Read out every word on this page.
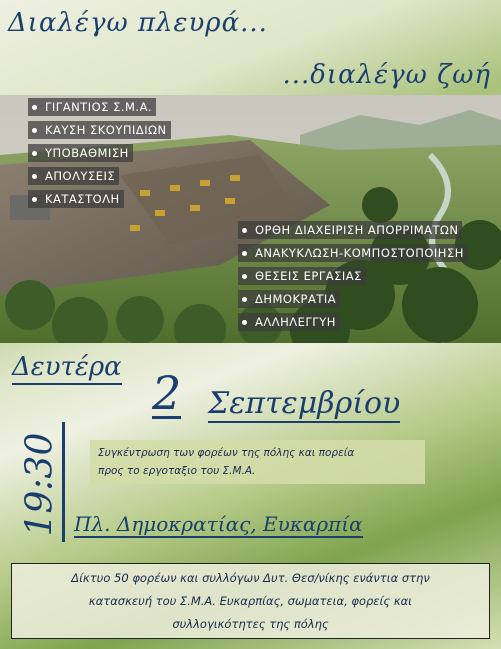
Διαλέγω πλευρά...
...διαλέγω ζωή
ΓΙΓΑΝΤΙΟΣ Σ.Μ.Α.
ΚΑΥΣΗ ΣΚΟΥΠΙΔΙΩΝ
ΥΠΟΒΑΘΜΙΣΗ
ΑΠΟΛΥΣΕΙΣ
ΚΑΤΑΣΤΟΛΗ
ΟΡΘΗ ΔΙΑΧΕΙΡΙΣΗ ΑΠΟΡΡΙΜΑΤΩΝ
ΑΝΑΚΥΚΛΩΣΗ-ΚΟΜΠΟΣΤΟΠΟΙΗΣΗ
ΘΕΣΕΙΣ ΕΡΓΑΣΙΑΣ
ΔΗΜΟΚΡΑΤΙΑ
ΑΛΛΗΛΕΓΓΥΗ
Δευτέρα 2 Σεπτεμβρίου
19:30	Συγκέντρωση των φορέων της πόλης και πορεία
προς το εργοταξιο του Σ.Μ.Α.
Πλ. Δημοκρατίας, Ευκαρπία
Δίκτυο 50 φορέων και συλλόγων Δυτ. Θεσ/νίκης ενάντια στην
κατασκευή του Σ.Μ.Α. Ευκαρπίας, σωματεια, φορείς και
συλλογικότητες της πόλης
